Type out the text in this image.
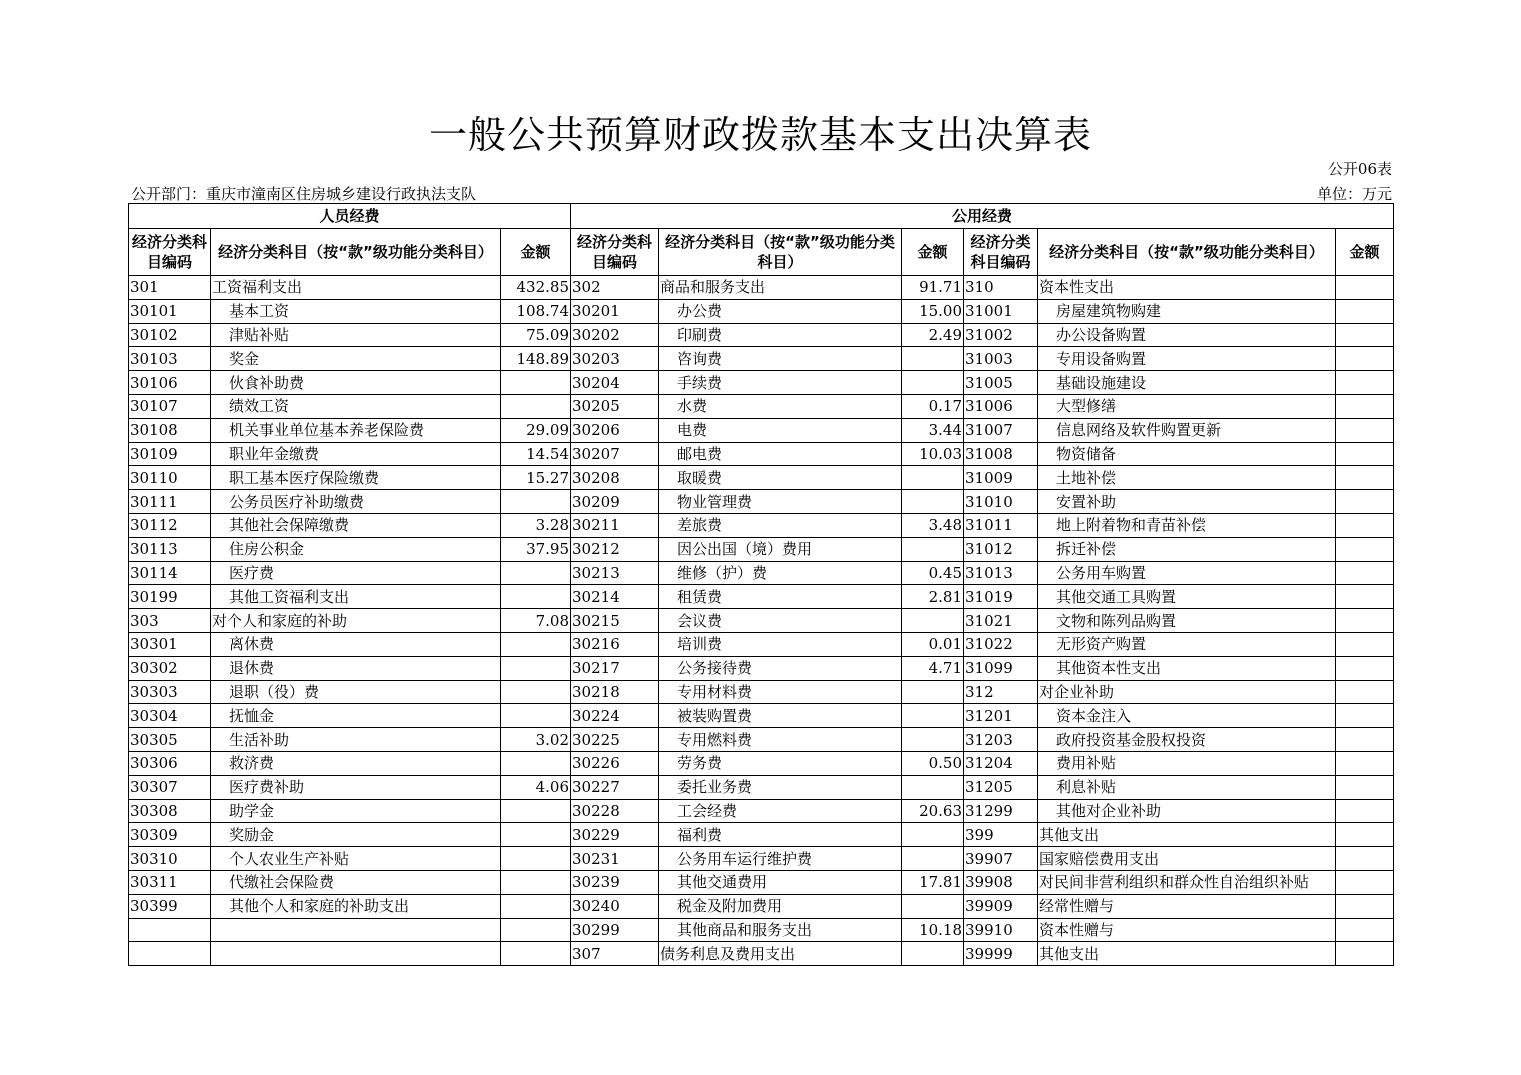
一般公共预算财政拨款基本支出决算表
公开06表
公开部门：重庆市潼南区住房城乡建设行政执法支队	单位：万元
人员经费			公用经费					
经济分类科目编码	经济分类科目（按“款”级功能分类科目）	金额	经济分类科目编码	经济分类科目（按“款”级功能分类科目）	金额	经济分类科目编码	经济分类科目（按“款”级功能分类科目）	金额
301	工资福利支出	432.85	302	商品和服务支出	91.71	310	资本性支出	
30101	基本工资	108.74	30201	办公费	15.00	31001	房屋建筑物购建	
30102	津贴补贴	75.09	30202	印刷费	2.49	31002	办公设备购置	
30103	奖金	148.89	30203	咨询费		31003	专用设备购置	
30106	伙食补助费		30204	手续费		31005	基础设施建设	
30107	绩效工资		30205	水费	0.17	31006	大型修缮	
30108	机关事业单位基本养老保险费	29.09	30206	电费	3.44	31007	信息网络及软件购置更新	
30109	职业年金缴费	14.54	30207	邮电费	10.03	31008	物资储备	
30110	职工基本医疗保险缴费	15.27	30208	取暖费		31009	土地补偿	
30111	公务员医疗补助缴费		30209	物业管理费		31010	安置补助	
30112	其他社会保障缴费	3.28	30211	差旅费	3.48	31011	地上附着物和青苗补偿	
30113	住房公积金	37.95	30212	因公出国（境）费用		31012	拆迁补偿	
30114	医疗费		30213	维修（护）费	0.45	31013	公务用车购置	
30199	其他工资福利支出		30214	租赁费	2.81	31019	其他交通工具购置	
303	对个人和家庭的补助	7.08	30215	会议费		31021	文物和陈列品购置	
30301	离休费		30216	培训费	0.01	31022	无形资产购置	
30302	退休费		30217	公务接待费	4.71	31099	其他资本性支出	
30303	退职（役）费		30218	专用材料费		312	对企业补助	
30304	抚恤金		30224	被装购置费		31201	资本金注入	
30305	生活补助	3.02	30225	专用燃料费		31203	政府投资基金股权投资	
30306	救济费		30226	劳务费	0.50	31204	费用补贴	
30307	医疗费补助	4.06	30227	委托业务费		31205	利息补贴	
30308	助学金		30228	工会经费	20.63	31299	其他对企业补助	
30309	奖励金		30229	福利费		399	其他支出	
30310	个人农业生产补贴		30231	公务用车运行维护费		39907	国家赔偿费用支出	
30311	代缴社会保险费		30239	其他交通费用	17.81	39908	对民间非营利组织和群众性自治组织补贴	
30399	其他个人和家庭的补助支出		30240	税金及附加费用		39909	经常性赠与	
			30299	其他商品和服务支出	10.18	39910	资本性赠与	
			307	债务利息及费用支出		39999	其他支出	
